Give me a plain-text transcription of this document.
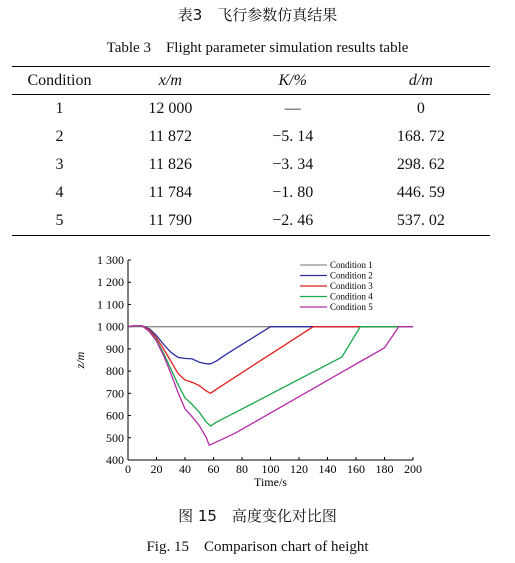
表3　飞行参数仿真结果
Table 3　Flight parameter simulation results table
Condition	x/m	K/%	d/m
1	12 000	—	0
2	11 872	−5. 14	168. 72
3	11 826	−3. 34	298. 62
4	11 784	−1. 80	446. 59
5	11 790	−2. 46	537. 02
0 20 40 60 80 100 120 140 160 180 200
400
500
600
700
800
900
1 000
1 100
1 200
1 300
Time/s
z/m
Condition 1
Condition 2
Condition 3
Condition 4
Condition 5
图 15　高度变化对比图
Fig. 15　Comparison chart of height
